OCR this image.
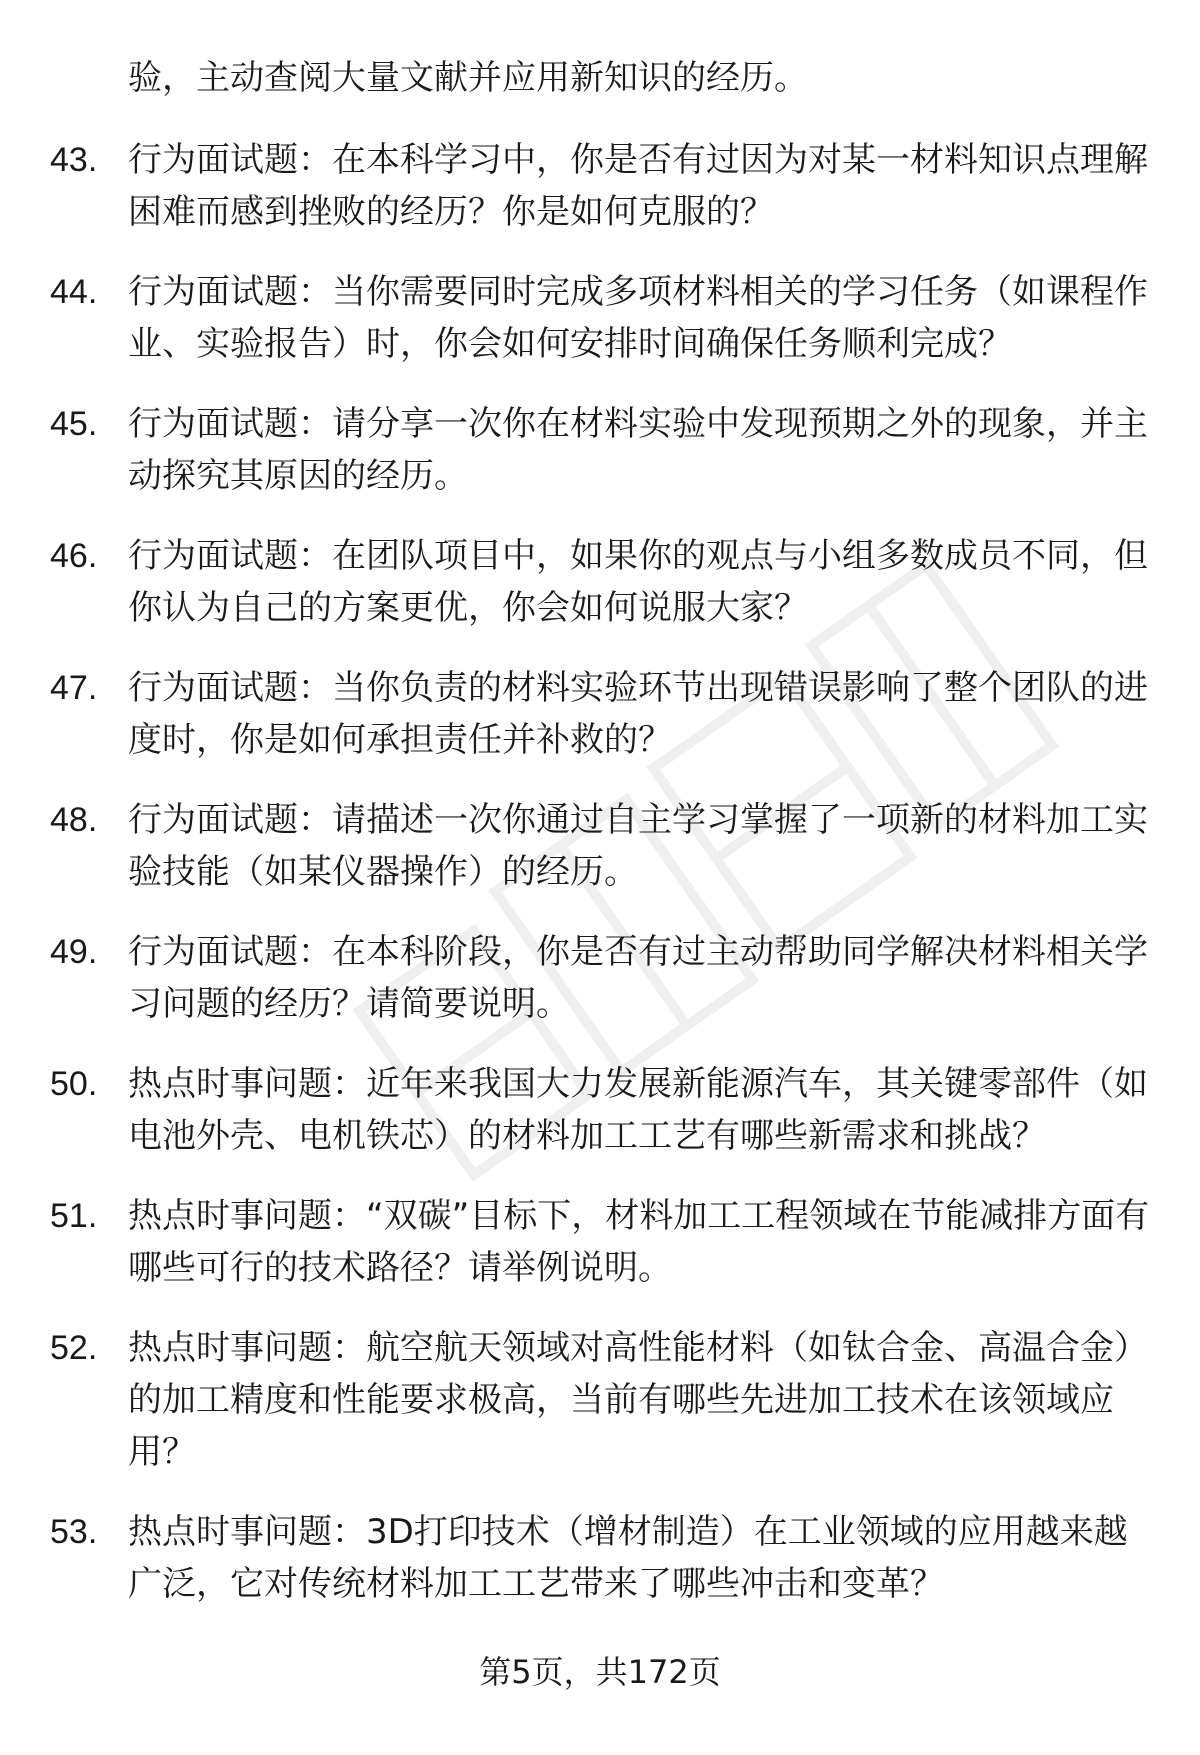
验，主动查阅大量文献并应用新知识的经历。

43. 行为面试题：在本科学习中，你是否有过因为对某一材料知识点理解困难而感到挫败的经历？你是如何克服的？
44. 行为面试题：当你需要同时完成多项材料相关的学习任务（如课程作业、实验报告）时，你会如何安排时间确保任务顺利完成？
45. 行为面试题：请分享一次你在材料实验中发现预期之外的现象，并主动探究其原因的经历。
46. 行为面试题：在团队项目中，如果你的观点与小组多数成员不同，但你认为自己的方案更优，你会如何说服大家？
47. 行为面试题：当你负责的材料实验环节出现错误影响了整个团队的进度时，你是如何承担责任并补救的？
48. 行为面试题：请描述一次你通过自主学习掌握了一项新的材料加工实验技能（如某仪器操作）的经历。
49. 行为面试题：在本科阶段，你是否有过主动帮助同学解决材料相关学习问题的经历？请简要说明。
50. 热点时事问题：近年来我国大力发展新能源汽车，其关键零部件（如电池外壳、电机铁芯）的材料加工工艺有哪些新需求和挑战？
51. 热点时事问题：“双碳”目标下，材料加工工程领域在节能减排方面有哪些可行的技术路径？请举例说明。
52. 热点时事问题：航空航天领域对高性能材料（如钛合金、高温合金）的加工精度和性能要求极高，当前有哪些先进加工技术在该领域应用？
53. 热点时事问题：3D打印技术（增材制造）在工业领域的应用越来越广泛，它对传统材料加工工艺带来了哪些冲击和变革？
第5页，共172页
